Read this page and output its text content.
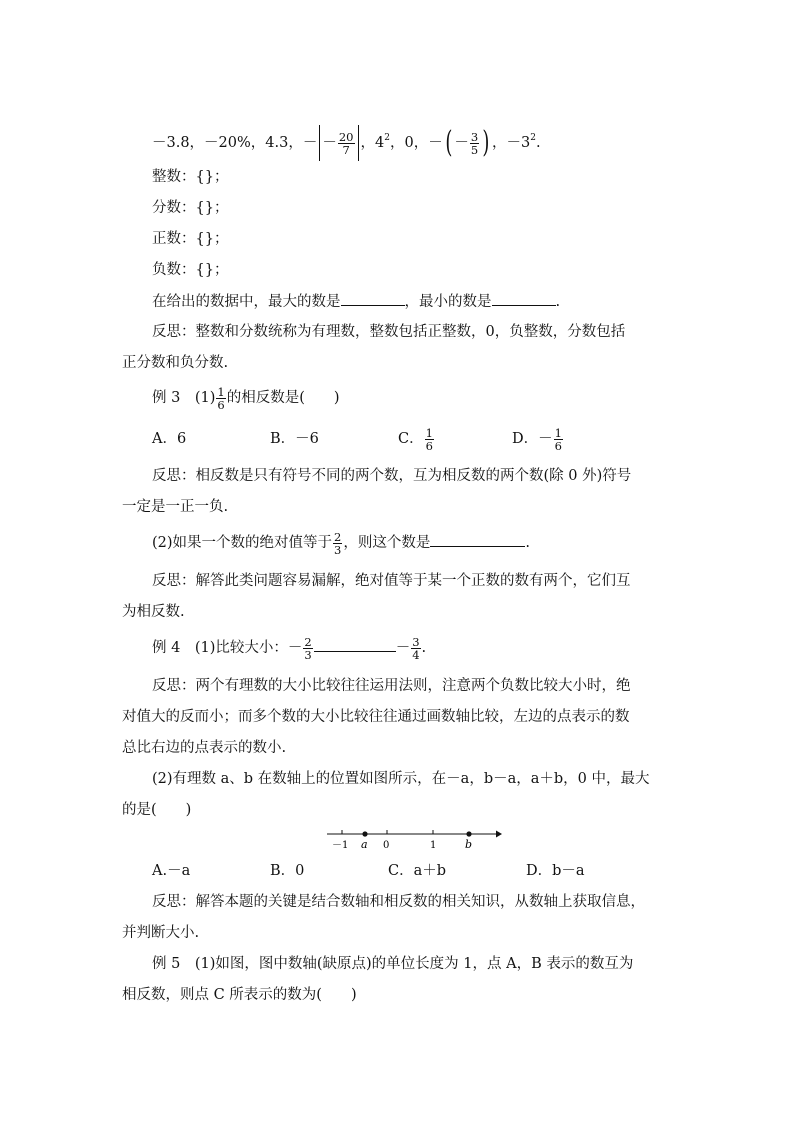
－3.8，－20%，4.3，－ － $\frac{20}{7}$ ，$4^2$，0，－( － $\frac{3}{5}$ ) ，$-3^2$.
整数：{}；
分数：{}；
正数：{}；
负数：{}；
在给出的数据中，最大的数是	，最小的数是	.
反思：整数和分数统称为有理数，整数包括正整数，0，负整数，分数包括
正分数和负分数.
例 3　$(1) \frac{1}{6}$ 的相反数是(　　)
A．6	B．－6	C． $\frac{1}{6}$	D．－ $\frac{1}{6}$
反思：相反数是只有符号不同的两个数，互为相反数的两个数(除 0 外)符号
一定是一正一负.
(2)如果一个数的绝对值等于 $\frac{2}{3}$ ，则这个数是	.
反思：解答此类问题容易漏解，绝对值等于某一个正数的数有两个，它们互
为相反数.
例 4　(1)比较大小：－ $\frac{2}{3}$	－ $\frac{3}{4}$ .
反思：两个有理数的大小比较往往运用法则，注意两个负数比较大小时，绝
对值大的反而小；而多个数的大小比较往往通过画数轴比较，左边的点表示的数
总比右边的点表示的数小.
(2)有理数 a、b 在数轴上的位置如图所示，在－a，b－a，a＋b，0 中，最大
的是(　　)
－1 a 0	1	b
A.－a	B．0	C．a＋b	D．b－a
反思：解答本题的关键是结合数轴和相反数的相关知识，从数轴上获取信息，
并判断大小.
例 5　(1)如图，图中数轴(缺原点)的单位长度为 1，点 A，B 表示的数互为
相反数，则点 C 所表示的数为(　　)
